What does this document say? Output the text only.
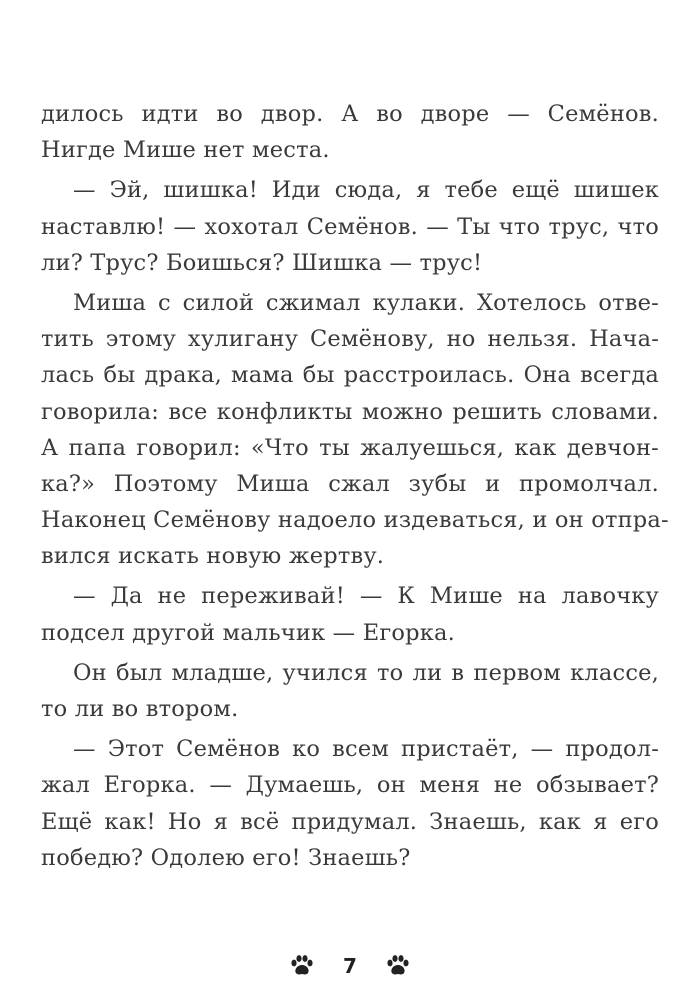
дилось идти во двор. А во дворе — Семёнов.
Нигде Мише нет места.
— Эй, шишка! Иди сюда, я тебе ещё шишек
наставлю! — хохотал Семёнов. — Ты что трус, что
ли? Трус? Боишься? Шишка — трус!
Миша с силой сжимал кулаки. Хотелось отве-
тить этому хулигану Семёнову, но нельзя. Нача-
лась бы драка, мама бы расстроилась. Она всегда
говорила: все конфликты можно решить словами.
А папа говорил: «Что ты жалуешься, как девчон-
ка?» Поэтому Миша сжал зубы и промолчал.
Наконец Семёнову надоело издеваться, и он отпра-
вился искать новую жертву.
— Да не переживай! — К Мише на лавочку
подсел другой мальчик — Егорка.
Он был младше, учился то ли в первом классе,
то ли во втором.
— Этот Семёнов ко всем пристаёт, — продол-
жал Егорка. — Думаешь, он меня не обзывает?
Ещё как! Но я всё придумал. Знаешь, как я его
победю? Одолею его! Знаешь?
7
